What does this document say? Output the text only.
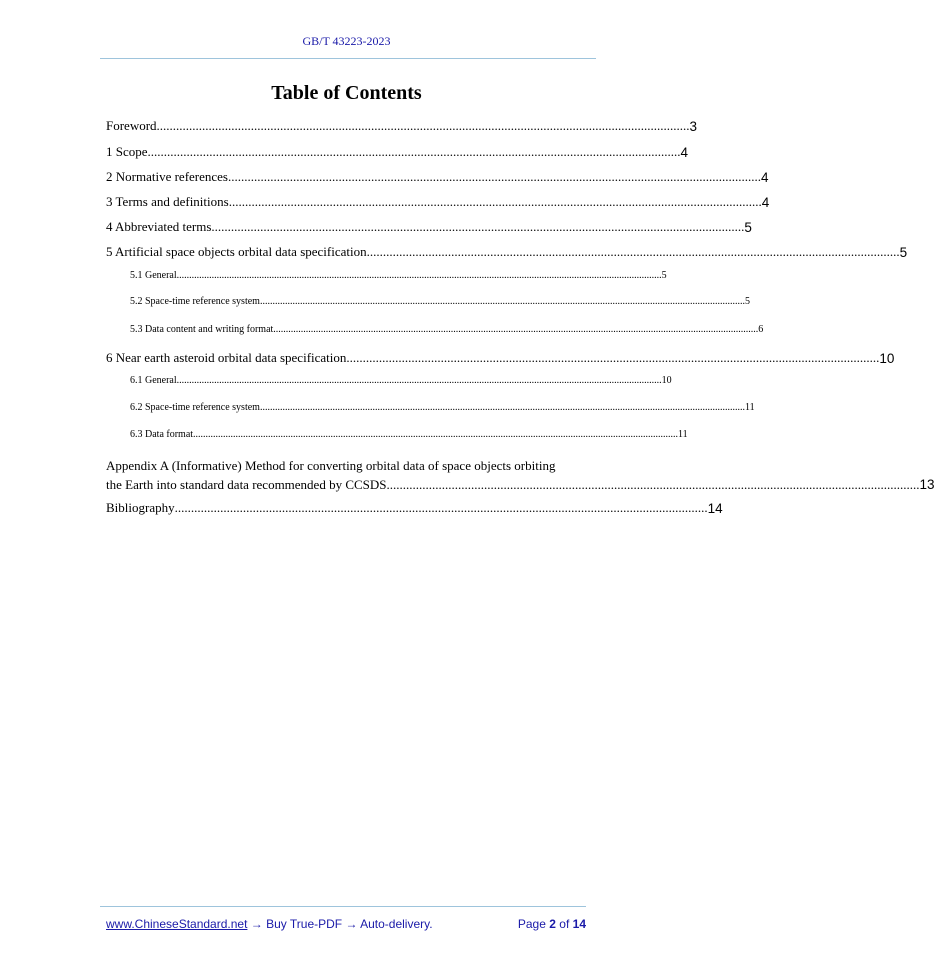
GB/T 43223-2023
Table of Contents
Foreword .................................................................................................................................................................... 3
1 Scope .................................................................................................................................................................... 4
2 Normative references .................................................................................................................................................................... 4
3 Terms and definitions .................................................................................................................................................................... 4
4 Abbreviated terms .................................................................................................................................................................... 5
5 Artificial space objects orbital data specification .................................................................................................................................................................... 5
5.1 General .................................................................................................................................................................................................. 5
5.2 Space-time reference system .................................................................................................................................................................................................. 5
5.3 Data content and writing format .................................................................................................................................................................................................. 6
6 Near earth asteroid orbital data specification .................................................................................................................................................................... 10
6.1 General .................................................................................................................................................................................................. 10
6.2 Space-time reference system .................................................................................................................................................................................................. 11
6.3 Data format .................................................................................................................................................................................................. 11
Appendix A (Informative) Method for converting orbital data of space objects orbiting
the Earth into standard data recommended by CCSDS .................................................................................................................................................................... 13
Bibliography .................................................................................................................................................................... 14
www.ChineseStandard.net → Buy True-PDF → Auto-delivery.	Page 2 of 14
